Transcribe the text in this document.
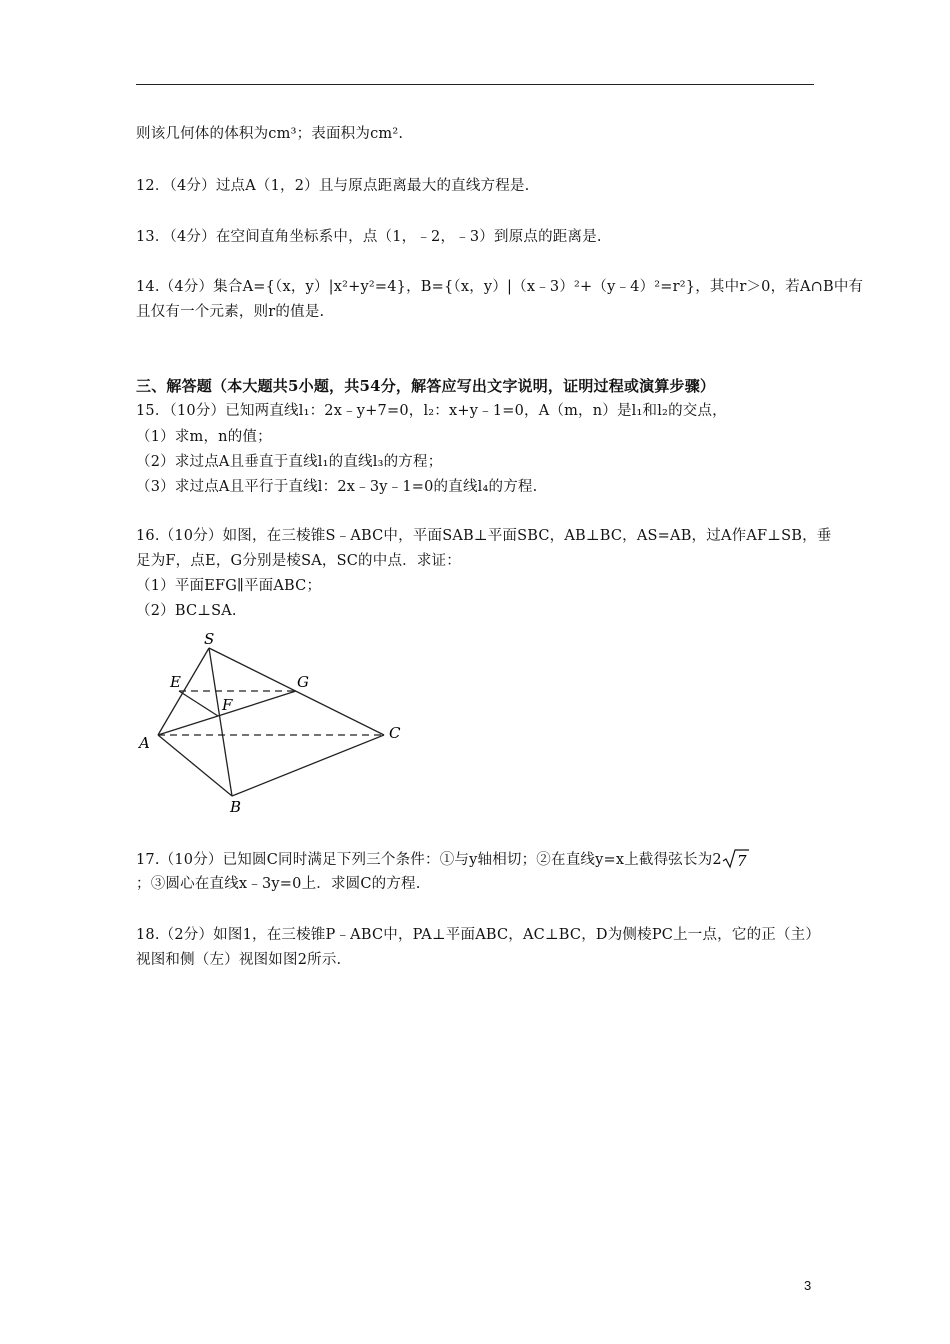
则该几何体的体积为cm³；表面积为cm².
12．（4分）过点A（1，2）且与原点距离最大的直线方程是.
13．（4分）在空间直角坐标系中，点（1，﹣2，﹣3）到原点的距离是.
14.（4分）集合A={（x，y）|x²+y²=4}，B={（x，y）|（x﹣3）²+（y﹣4）²=r²}，其中r＞0，若A∩B中有
且仅有一个元素，则r的值是.
三、解答题（本大题共5小题，共54分，解答应写出文字说明，证明过程或演算步骤）
15．（10分）已知两直线l₁：2x﹣y+7=0，l₂：x+y﹣1=0，A（m，n）是l₁和l₂的交点，
（1）求m，n的值；
（2）求过点A且垂直于直线l₁的直线l₃的方程；
（3）求过点A且平行于直线l：2x﹣3y﹣1=0的直线l₄的方程.
16.（10分）如图，在三棱锥S﹣ABC中，平面SAB⊥平面SBC，AB⊥BC，AS=AB，过A作AF⊥SB，垂
足为F，点E，G分别是棱SA，SC的中点．求证：
（1）平面EFG∥平面ABC；
（2）BC⊥SA.
S
E	G
F
A
C
B
17.（10分）已知圆C同时满足下列三个条件：①与y轴相切；②在直线y=x上截得弦长为2 7
；③圆心在直线x﹣3y=0上．求圆C的方程.
18.（2分）如图1，在三棱锥P﹣ABC中，PA⊥平面ABC，AC⊥BC，D为侧棱PC上一点，它的正（主）
视图和侧（左）视图如图2所示.
3
